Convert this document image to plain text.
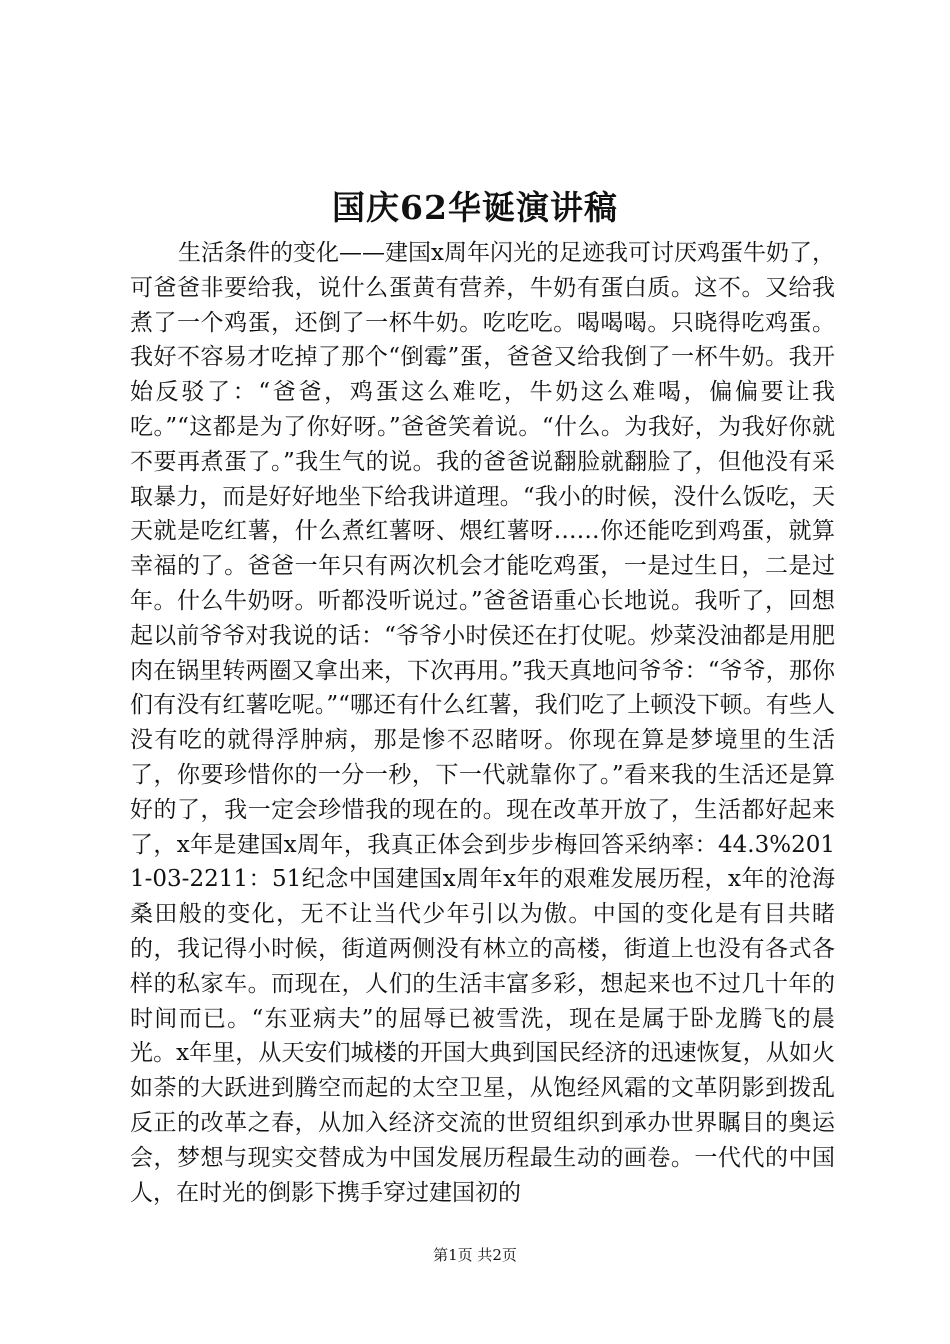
国庆62华诞演讲稿

生活条件的变化——建国x周年闪光的足迹我可讨厌鸡蛋牛奶了，可爸爸非要给我，说什么蛋黄有营养，牛奶有蛋白质。这不。又给我煮了一个鸡蛋，还倒了一杯牛奶。吃吃吃。喝喝喝。只晓得吃鸡蛋。我好不容易才吃掉了那个“倒霉”蛋，爸爸又给我倒了一杯牛奶。我开始反驳了：“爸爸，鸡蛋这么难吃，牛奶这么难喝，偏偏要让我吃。”“这都是为了你好呀。”爸爸笑着说。“什么。为我好，为我好你就不要再煮蛋了。”我生气的说。我的爸爸说翻脸就翻脸了，但他没有采取暴力，而是好好地坐下给我讲道理。“我小的时候，没什么饭吃，天天就是吃红薯，什么煮红薯呀、煨红薯呀……你还能吃到鸡蛋，就算幸福的了。爸爸一年只有两次机会才能吃鸡蛋，一是过生日，二是过年。什么牛奶呀。听都没听说过。”爸爸语重心长地说。我听了，回想起以前爷爷对我说的话：“爷爷小时侯还在打仗呢。炒菜没油都是用肥肉在锅里转两圈又拿出来，下次再用。”我天真地问爷爷：“爷爷，那你们有没有红薯吃呢。”“哪还有什么红薯，我们吃了上顿没下顿。有些人没有吃的就得浮肿病，那是惨不忍睹呀。你现在算是梦境里的生活了，你要珍惜你的一分一秒，下一代就靠你了。”看来我的生活还是算好的了，我一定会珍惜我的现在的。现在改革开放了，生活都好起来了，x年是建国x周年，我真正体会到步步梅回答采纳率：44.3%2011-03-2211：51纪念中国建国x周年x年的艰难发展历程，x年的沧海桑田般的变化，无不让当代少年引以为傲。中国的变化是有目共睹的，我记得小时候，街道两侧没有林立的高楼，街道上也没有各式各样的私家车。而现在，人们的生活丰富多彩，想起来也不过几十年的时间而已。“东亚病夫”的屈辱已被雪洗，现在是属于卧龙腾飞的晨光。x年里，从天安们城楼的开国大典到国民经济的迅速恢复，从如火如荼的大跃进到腾空而起的太空卫星，从饱经风霜的文革阴影到拨乱反正的改革之春，从加入经济交流的世贸组织到承办世界瞩目的奥运会，梦想与现实交替成为中国发展历程最生动的画卷。一代代的中国人，在时光的倒影下携手穿过建国初的

第1页 共2页
